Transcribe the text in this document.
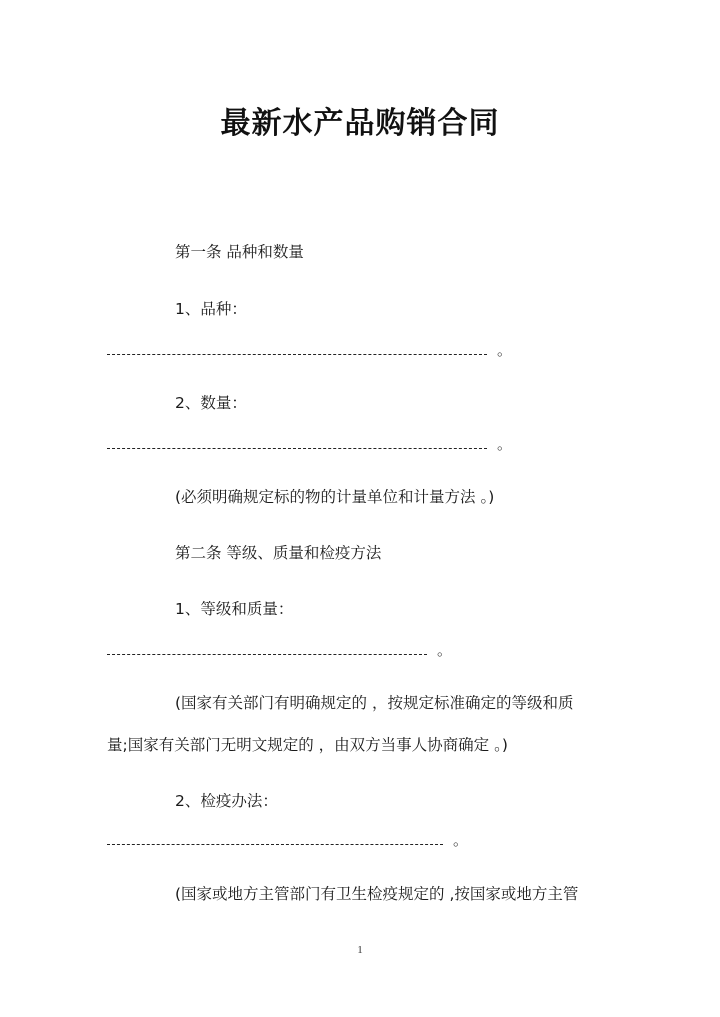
最新水产品购销合同
第一条 品种和数量
1、品种：
。
2、数量：
。
(必须明确规定标的物的计量单位和计量方法 。)
第二条 等级、质量和检疫方法
1、等级和质量：
。
(国家有关部门有明确规定的 ，按规定标准确定的等级和质
量;国家有关部门无明文规定的 ，由双方当事人协商确定 。)
2、检疫办法：
。
(国家或地方主管部门有卫生检疫规定的 ,按国家或地方主管
1
